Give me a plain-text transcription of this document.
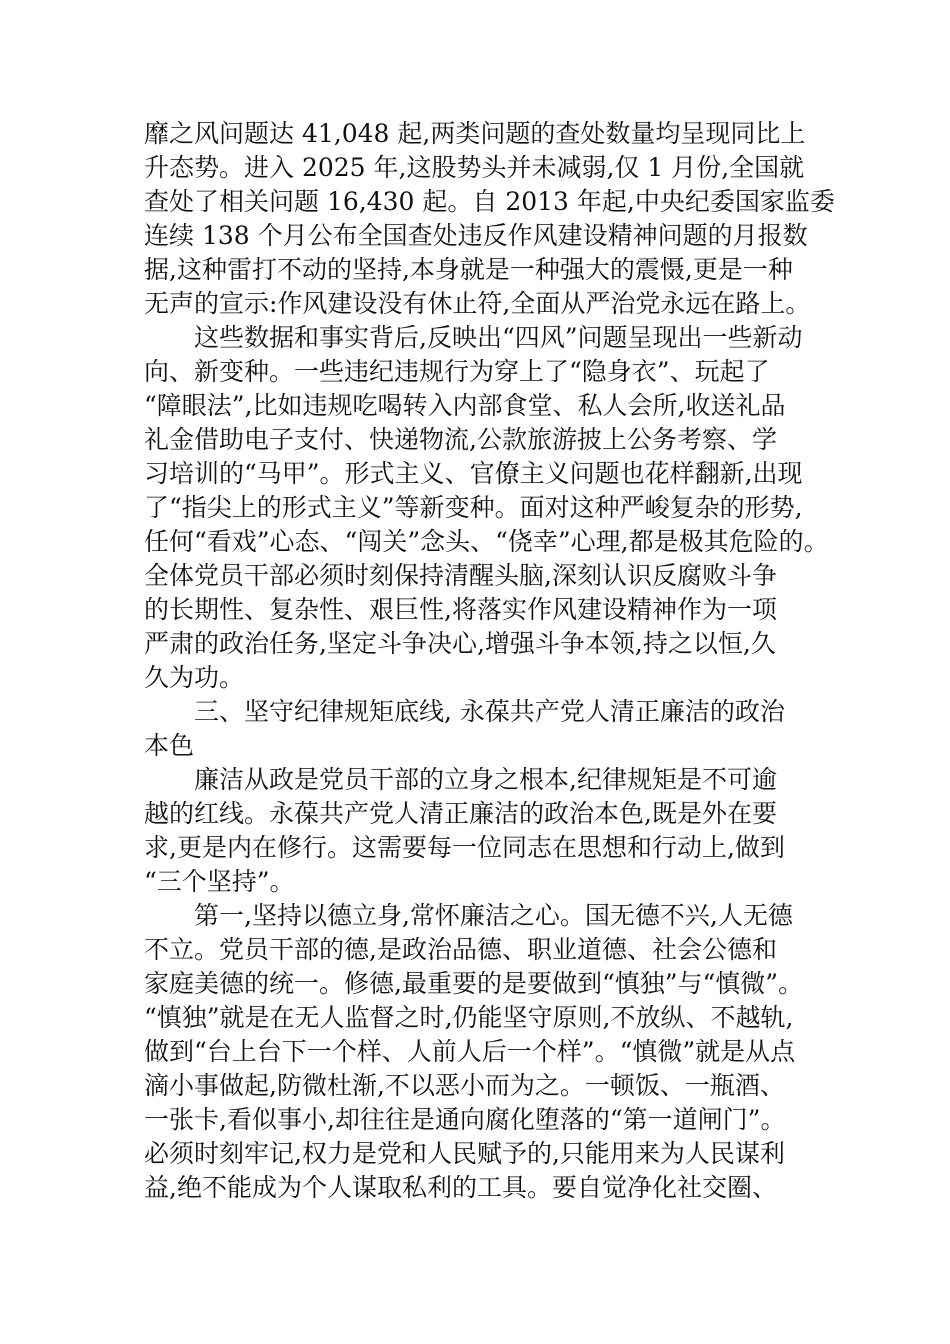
靡之风问题达 41,048 起,两类问题的查处数量均呈现同比上
升态势。进入 2025 年,这股势头并未减弱,仅 1 月份,全国就
查处了相关问题 16,430 起。自 2013 年起,中央纪委国家监委
连续 138 个月公布全国查处违反作风建设精神问题的月报数
据,这种雷打不动的坚持,本身就是一种强大的震慑,更是一种
无声的宣示:作风建设没有休止符,全面从严治党永远在路上。
这些数据和事实背后,反映出“四风”问题呈现出一些新动
向、新变种。一些违纪违规行为穿上了“隐身衣”、玩起了
“障眼法”,比如违规吃喝转入内部食堂、私人会所,收送礼品
礼金借助电子支付、快递物流,公款旅游披上公务考察、学
习培训的“马甲”。形式主义、官僚主义问题也花样翻新,出现
了“指尖上的形式主义”等新变种。面对这种严峻复杂的形势,
任何“看戏”心态、“闯关”念头、“侥幸”心理,都是极其危险的。
全体党员干部必须时刻保持清醒头脑,深刻认识反腐败斗争
的长期性、复杂性、艰巨性,将落实作风建设精神作为一项
严肃的政治任务,坚定斗争决心,增强斗争本领,持之以恒,久
久为功。
三、坚守纪律规矩底线, 永葆共产党人清正廉洁的政治
本色
廉洁从政是党员干部的立身之根本,纪律规矩是不可逾
越的红线。永葆共产党人清正廉洁的政治本色,既是外在要
求,更是内在修行。这需要每一位同志在思想和行动上,做到
“三个坚持”。
第一,坚持以德立身,常怀廉洁之心。国无德不兴,人无德
不立。党员干部的德,是政治品德、职业道德、社会公德和
家庭美德的统一。修德,最重要的是要做到“慎独”与“慎微”。
“慎独”就是在无人监督之时,仍能坚守原则,不放纵、不越轨,
做到“台上台下一个样、人前人后一个样”。“慎微”就是从点
滴小事做起,防微杜渐,不以恶小而为之。一顿饭、一瓶酒、
一张卡,看似事小,却往往是通向腐化堕落的“第一道闸门”。
必须时刻牢记,权力是党和人民赋予的,只能用来为人民谋利
益,绝不能成为个人谋取私利的工具。要自觉净化社交圈、
